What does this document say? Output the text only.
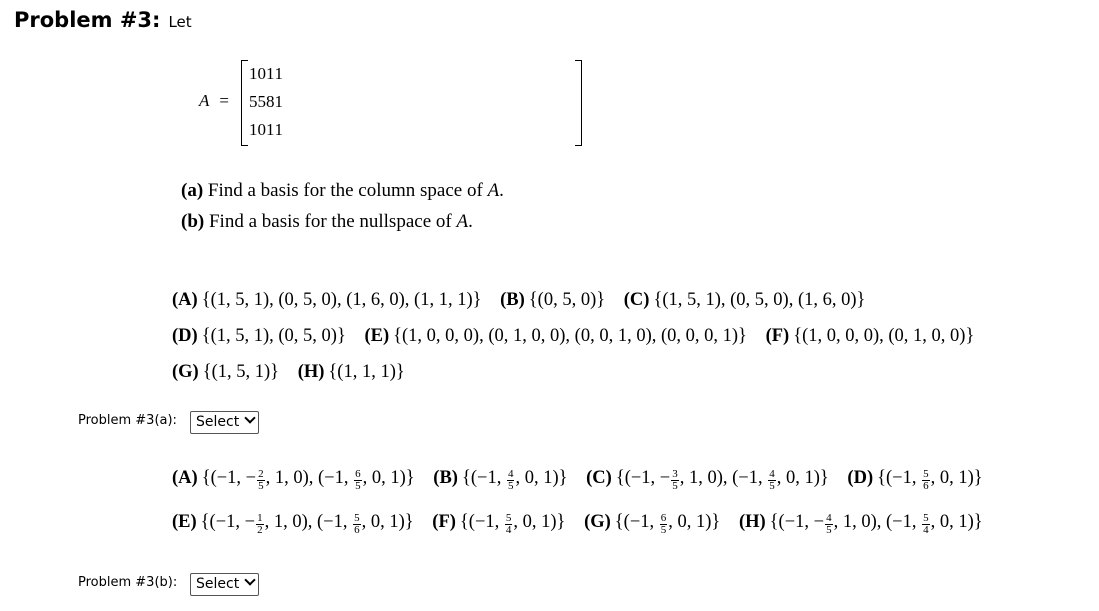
Problem #3: Let
A =
1	0	1	1
5	5	8	1
1	0	1	1
(a) Find a basis for the column space of A.
(b) Find a basis for the nullspace of A.
(A) {(1, 5, 1), (0, 5, 0), (1, 6, 0), (1, 1, 1)} (B) {(0, 5, 0)} (C) {(1, 5, 1), (0, 5, 0), (1, 6, 0)}
(D) {(1, 5, 1), (0, 5, 0)} (E) {(1, 0, 0, 0), (0, 1, 0, 0), (0, 0, 1, 0), (0, 0, 0, 1)} (F) {(1, 0, 0, 0), (0, 1, 0, 0)}
(G) {(1, 5, 1)} (H) {(1, 1, 1)}
Problem #3(a):	Select
(A) {(−1, − $\frac{2}{5}$ , 1, 0), (−1, $\frac{6}{5}$ , 0, 1)} (B) {(−1, $\frac{4}{5}$ , 0, 1)} (C) {(−1, − $\frac{3}{5}$ , 1, 0), (−1, $\frac{4}{5}$ , 0, 1)} (D) {(−1, $\frac{5}{6}$ , 0, 1)}
(E) {(−1, − $\frac{1}{2}$ , 1, 0), (−1, $\frac{5}{6}$ , 0, 1)} (F) {(−1, $\frac{5}{4}$ , 0, 1)} (G) {(−1, $\frac{6}{5}$ , 0, 1)} (H) {(−1, − $\frac{4}{5}$ , 1, 0), (−1, $\frac{5}{4}$ , 0, 1)}
Problem #3(b):	Select
